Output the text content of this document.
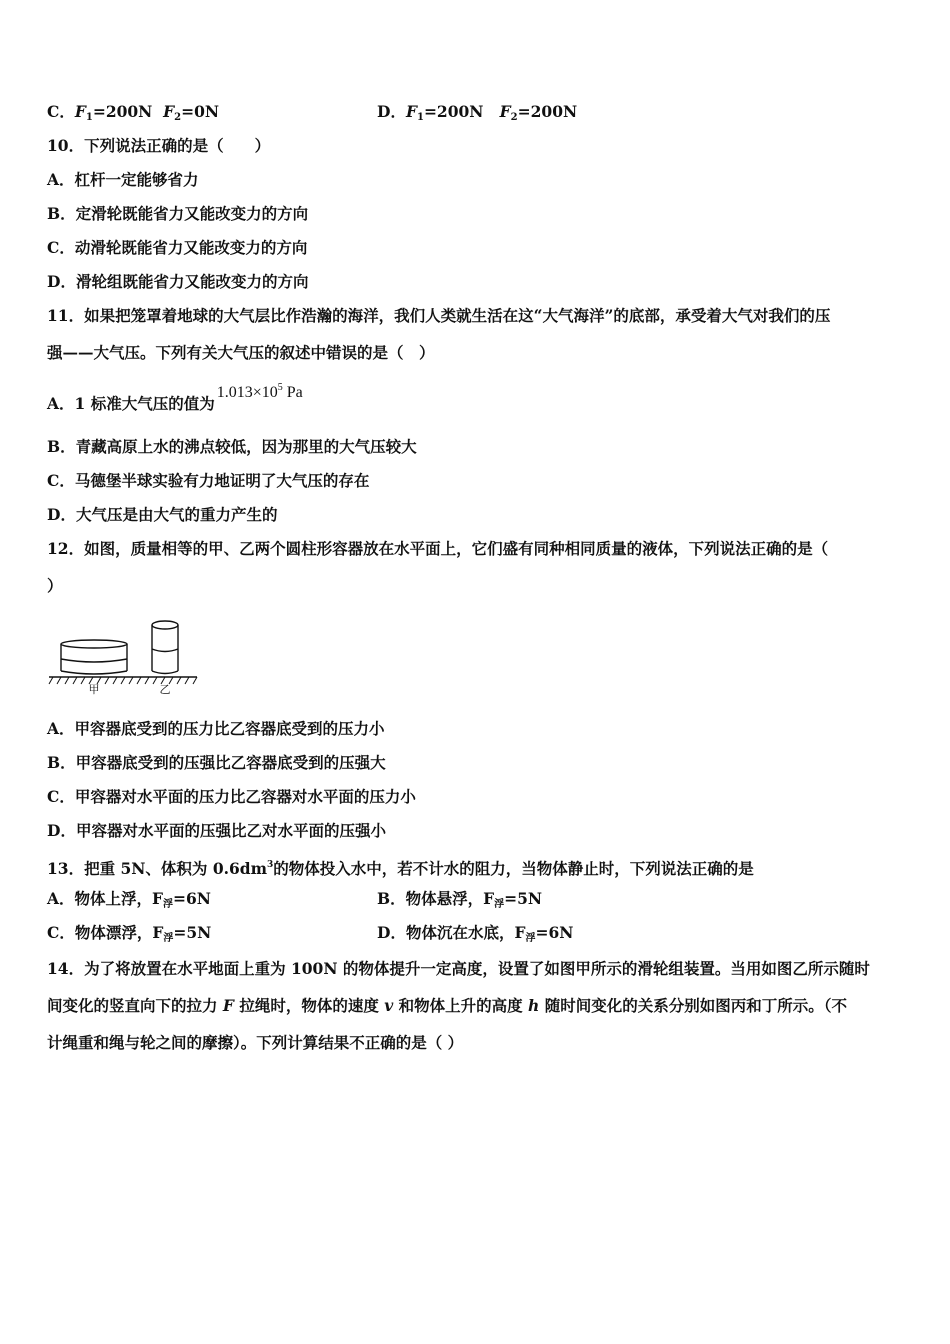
C．$F_1=200N$ $F_2=0N$	D．$F_1=200N$ $F_2=200N$
10．下列说法正确的是（　　）
A．杠杆一定能够省力
B．定滑轮既能省力又能改变力的方向
C．动滑轮既能省力又能改变力的方向
D．滑轮组既能省力又能改变力的方向
11．如果把笼罩着地球的大气层比作浩瀚的海洋，我们人类就生活在这“大气海洋”的底部，承受着大气对我们的压
强——大气压。下列有关大气压的叙述中错误的是（　）
A．1 标准大气压的值为$1.013\times 10^5$ Pa
B．青藏高原上水的沸点较低，因为那里的大气压较大
C．马德堡半球实验有力地证明了大气压的存在
D．大气压是由大气的重力产生的
12．如图，质量相等的甲、乙两个圆柱形容器放在水平面上，它们盛有同种相同质量的液体，下列说法正确的是（
）
甲	乙
A．甲容器底受到的压力比乙容器底受到的压力小
B．甲容器底受到的压强比乙容器底受到的压强大
C．甲容器对水平面的压力比乙容器对水平面的压力小
D．甲容器对水平面的压强比乙对水平面的压强小
13．把重 5N、体积为 $0.6dm^3$的物体投入水中，若不计水的阻力，当物体静止时，下列说法正确的是
A．物体上浮，$F_浮=6N$	B．物体悬浮，$F_浮=5N$
C．物体漂浮，$F_浮=5N$	D．物体沉在水底，$F_浮=6N$
14．为了将放置在水平地面上重为 100N 的物体提升一定高度，设置了如图甲所示的滑轮组装置。当用如图乙所示随时
间变化的竖直向下的拉力 F 拉绳时，物体的速度 v 和物体上升的高度 h 随时间变化的关系分别如图丙和丁所示。（不
计绳重和绳与轮之间的摩擦）。下列计算结果不正确的是（ ）
